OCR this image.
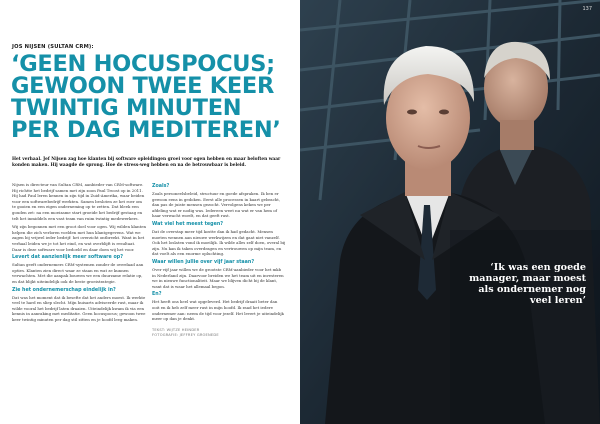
JOS NIJSEN (SULTAN CRM):
‘GEEN HOCUSPOCUS;
GEWOON TWEE KEER
TWINTIG MINUTEN
PER DAG MEDITEREN’

Het verhaal. Jef Nijsen zag hoe klanten bij software opleidingen groei voor ogen hebben en maar beloften waar konden maken. Hij waagde de sprong. Hoe de stress-weg hebben en na de betrouwbaar is beleid.

Nijsen is directeur van Sultan CRM, aanbieder van CRM-software. Hij richtte het bedrijf samen met zijn zoon Paul Troost op in 2011. Hij had Paul leren kennen in zijn tijd in Zuid-Amerika, waar beiden voor een softwarebedrijf werkten. Samen besloten ze het roer om te gooien en een eigen onderneming op te zetten. Dat bleek een gouden zet: na een moeizame start groeide het bedrijf gestaag en telt het inmiddels een vast team van ruim twintig medewerkers.

Wij zijn begonnen met een groot doel voor ogen. Wij wilden klanten helpen die zich verloren voelden met hun klantgegevens. Wat we zagen bij vrijwel ieder bedrijf: het overzicht ontbreekt. Want in het verhaal leiden we je tot het eind, en wat overblijft is resultaat. Daar is deze software voor bedoeld en daar doen wij het voor.

Levert dat aanzienlijk meer software op?

Sultan geeft ondernemers CRM-systemen zonder de overdaad aan opties. Klanten zien direct waar ze staan en wat ze kunnen verwachten. Met die aanpak bouwen we een duurzame relatie op, en dat blijkt uiteindelijk ook de beste groeistrategie.

Zie het ondernemerschap eindelijk in?

Dat was het moment dat ik besefte dat het anders moest. Ik werkte veel te hard en sliep slecht. Mijn huisarts adviseerde rust, maar ik wilde vooral het bedrijf laten draaien. Uiteindelijk kwam ik via een kennis in aanraking met meditatie. Geen hocuspocus; gewoon twee keer twintig minuten per dag stil zitten en je hoofd leeg maken.

Zoals?

Zoals personeelsbeleid, structuur en goede afspraken. Ik ben er gewoon eens in gedoken. Eerst alle processen in kaart gebracht, dan pas de juiste mensen gezocht. Vervolgens keken we per afdeling wat er nodig was. Iedereen weet nu wat er van hem of haar verwacht wordt, en dat geeft rust.

Wat viel het meest tegen?

Dat de overstap meer tijd kostte dan ik had gedacht. Mensen moeten wennen aan nieuwe werkwijzen en dat gaat niet vanzelf. Ook het loslaten vond ik moeilijk. Ik wilde alles zelf doen, overal bij zijn. Nu kan ik taken overdragen en vertrouwen op mijn team, en dat voelt als een enorme opluchting.

Waar willen jullie over vijf jaar staan?

Over vijf jaar willen we de grootste CRM-aanbieder voor het mkb in Nederland zijn. Daarvoor breiden we het team uit en investeren we in nieuwe functionaliteit. Maar we blijven dicht bij de klant, want dat is waar het allemaal begon.

En?

Het heeft ons heel wat opgeleverd. Het bedrijf draait beter dan ooit en ik heb zelf meer rust in mijn hoofd. Ik raad het iedere ondernemer aan: neem de tijd voor jezelf. Het levert je uiteindelijk meer op dan je denkt.

TEKST: WIJTZE HEINDER
FOTOGRAFIE: JEFFREY GROENEDE
137

‘Ik was een goede manager, maar moest als ondernemer nog veel leren’
